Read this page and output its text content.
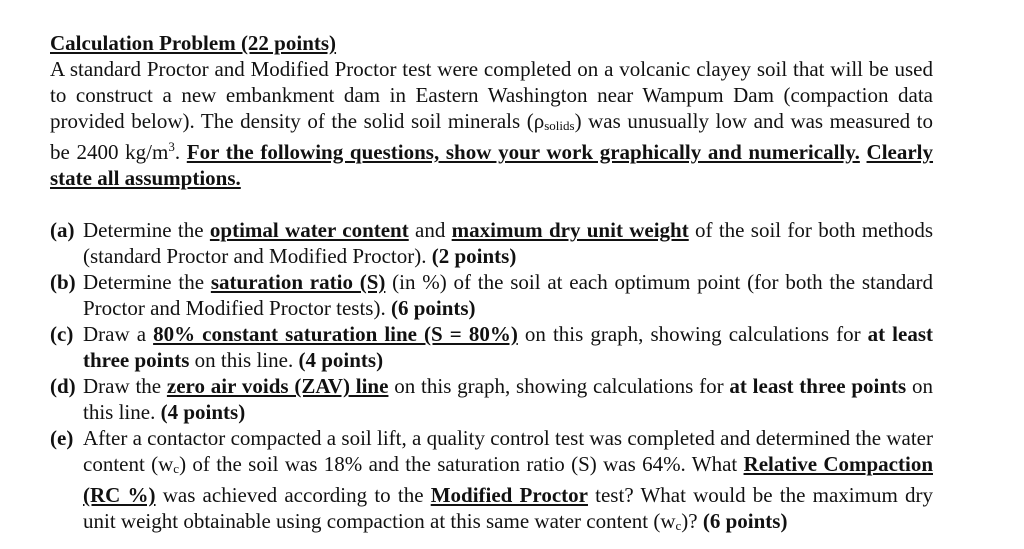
Calculation Problem (22 points)

A standard Proctor and Modified Proctor test were completed on a volcanic clayey soil that will be used to construct a new embankment dam in Eastern Washington near Wampum Dam (compaction data provided below). The density of the solid soil minerals (ρsolids) was unusually low and was measured to be 2400 $kg/m^3$. For the following questions, show your work graphically and numerically. Clearly state all assumptions.

(a) Determine the optimal water content and maximum dry unit weight of the soil for both methods (standard Proctor and Modified Proctor). (2 points)
(b) Determine the saturation ratio (S) (in %) of the soil at each optimum point (for both the standard Proctor and Modified Proctor tests). (6 points)
(c) Draw a 80% constant saturation line (S = 80%) on this graph, showing calculations for at least three points on this line. (4 points)
(d) Draw the zero air voids (ZAV) line on this graph, showing calculations for at least three points on this line. (4 points)
(e) After a contactor compacted a soil lift, a quality control test was completed and determined the water content (wc) of the soil was 18% and the saturation ratio (S) was 64%. What Relative Compaction (RC %) was achieved according to the Modified Proctor test? What would be the maximum dry unit weight obtainable using compaction at this same water content (wc)? (6 points)
